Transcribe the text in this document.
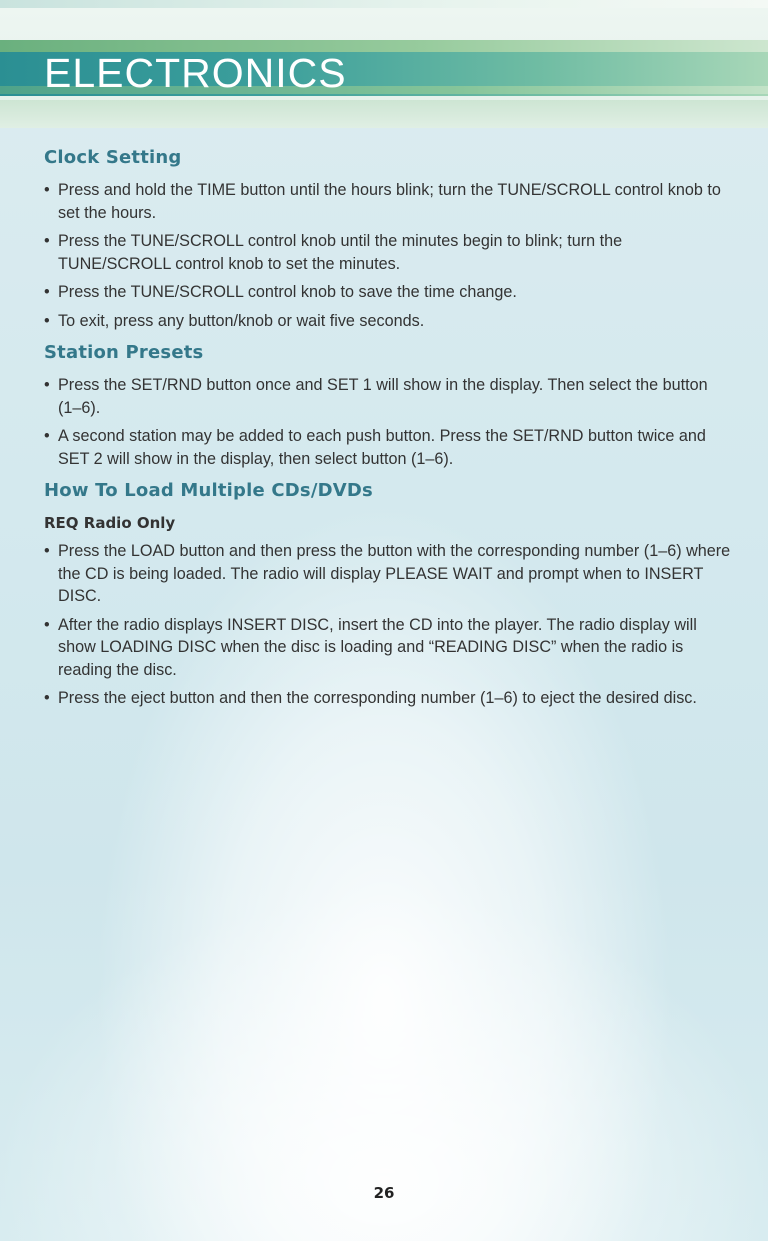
ELECTRONICS
Clock Setting
• Press and hold the TIME button until the hours blink; turn the TUNE/SCROLL control knob to set the hours.
• Press the TUNE/SCROLL control knob until the minutes begin to blink; turn the TUNE/SCROLL control knob to set the minutes.
• Press the TUNE/SCROLL control knob to save the time change.
• To exit, press any button/knob or wait five seconds.
Station Presets
• Press the SET/RND button once and SET 1 will show in the display. Then select the button (1–6).
• A second station may be added to each push button. Press the SET/RND button twice and SET 2 will show in the display, then select button (1–6).
How To Load Multiple CDs/DVDs
REQ Radio Only
• Press the LOAD button and then press the button with the corresponding number (1–6) where the CD is being loaded. The radio will display PLEASE WAIT and prompt when to INSERT DISC.
• After the radio displays INSERT DISC, insert the CD into the player. The radio display will show LOADING DISC when the disc is loading and “READING DISC” when the radio is reading the disc.
• Press the eject button and then the corresponding number (1–6) to eject the desired disc.
26
